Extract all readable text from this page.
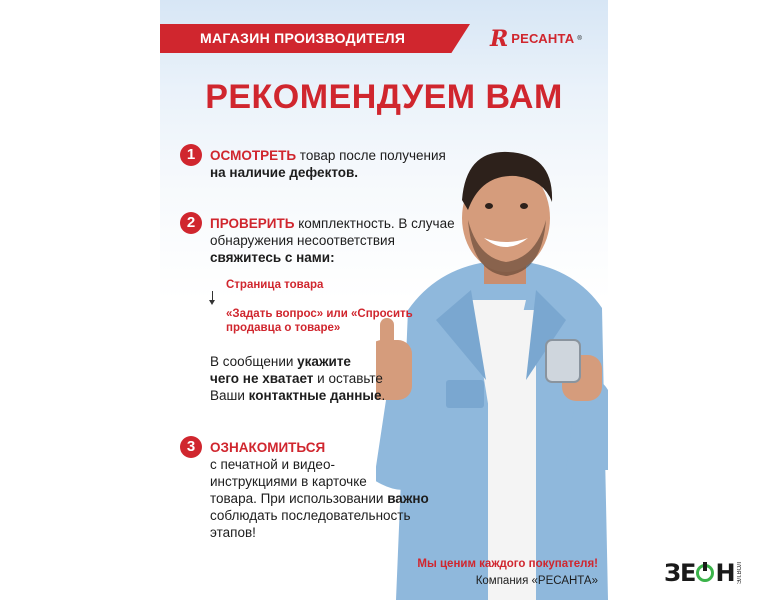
МАГАЗИН ПРОИЗВОДИТЕЛЯ	R РЕСАНТА ®
РЕКОМЕНДУЕМ ВАМ
1	ОСМОТРЕТЬ товар после получения
на наличие дефектов.
2	ПРОВЕРИТЬ комплектность. В случае
обнаружения несоответствия
свяжитесь с нами:
Страница товара
«Задать вопрос» или «Спросить
продавца о товаре»
В сообщении укажите
чего не хватает и оставьте
Ваши контактные данные.
3	ОЗНАКОМИТЬСЯ
с печатной и видео-
инструкциями в карточке
товара. При использовании важно
соблюдать последовательность
этапов!
Мы ценим каждого покупателя!
Компания «РЕСАНТА»	ЗЕ Н ЭЛ.ВОЛ
